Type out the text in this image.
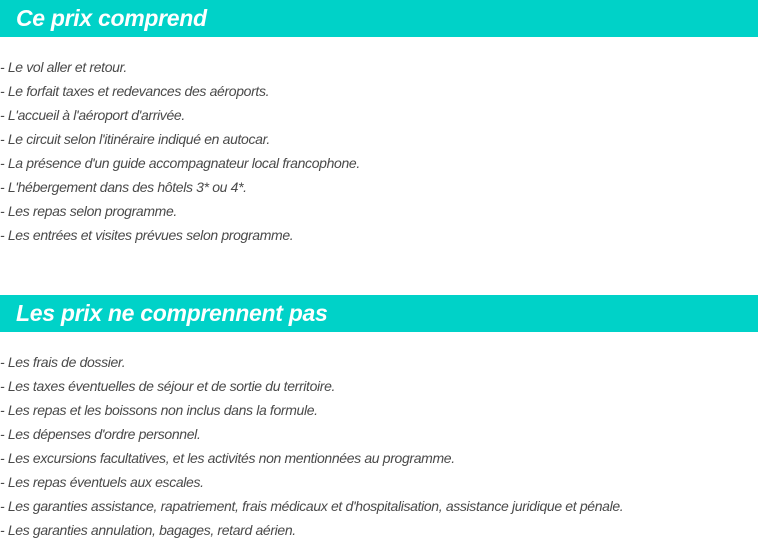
Ce prix comprend
- Le vol aller et retour.
- Le forfait taxes et redevances des aéroports.
- L'accueil à l'aéroport d'arrivée.
- Le circuit selon l'itinéraire indiqué en autocar.
- La présence d'un guide accompagnateur local francophone.
- L'hébergement dans des hôtels 3* ou 4*.
- Les repas selon programme.
- Les entrées et visites prévues selon programme.
Les prix ne comprennent pas
- Les frais de dossier.
- Les taxes éventuelles de séjour et de sortie du territoire.
- Les repas et les boissons non inclus dans la formule.
- Les dépenses d'ordre personnel.
- Les excursions facultatives, et les activités non mentionnées au programme.
- Les repas éventuels aux escales.
- Les garanties assistance, rapatriement, frais médicaux et d'hospitalisation, assistance juridique et pénale.
- Les garanties annulation, bagages, retard aérien.
